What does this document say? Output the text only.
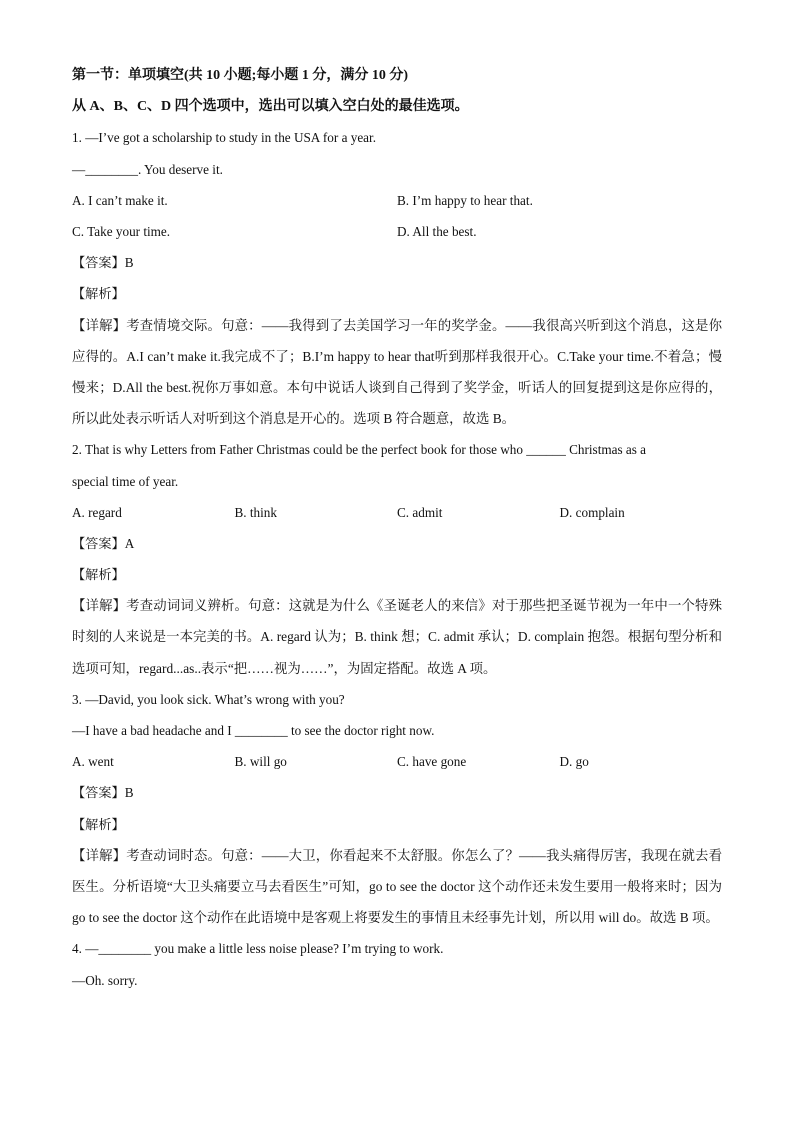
第一节：单项填空(共 10 小题;每小题 1 分，满分 10 分)
从 A、B、C、D 四个选项中，选出可以填入空白处的最佳选项。
1. —I’ve got a scholarship to study in the USA for a year.
—________. You deserve it.
A. I can’t make it.	B. I’m happy to hear that.
C. Take your time.	D. All the best.
【答案】B
【解析】
【详解】考查情境交际。句意：——我得到了去美国学习一年的奖学金。——我很高兴听到这个消息，这是你应得的。A.I can’t make it.我完成不了；B.I’m happy to hear that听到那样我很开心。C.Take your time.不着急；慢慢来；D.All the best.祝你万事如意。本句中说话人谈到自己得到了奖学金，听话人的回复提到这是你应得的，所以此处表示听话人对听到这个消息是开心的。选项 B 符合题意，故选 B。
2. That is why Letters from Father Christmas could be the perfect book for those who ______ Christmas as a
special time of year.
A. regard	B. think	C. admit	D. complain
【答案】A
【解析】
【详解】考查动词词义辨析。句意：这就是为什么《圣诞老人的来信》对于那些把圣诞节视为一年中一个特殊时刻的人来说是一本完美的书。A. regard 认为；B. think 想；C. admit 承认；D. complain 抱怨。根据句型分析和选项可知，regard...as..表示“把……视为……”，为固定搭配。故选 A 项。
3. —David, you look sick. What’s wrong with you?
—I have a bad headache and I ________ to see the doctor right now.
A. went	B. will go	C. have gone	D. go
【答案】B
【解析】
【详解】考查动词时态。句意：——大卫，你看起来不太舒服。你怎么了？——我头痛得厉害，我现在就去看医生。分析语境“大卫头痛要立马去看医生”可知，go to see the doctor 这个动作还未发生要用一般将来时；因为 go to see the doctor 这个动作在此语境中是客观上将要发生的事情且未经事先计划，所以用 will do。故选 B 项。
4. —________ you make a little less noise please? I’m trying to work.
—Oh. sorry.
